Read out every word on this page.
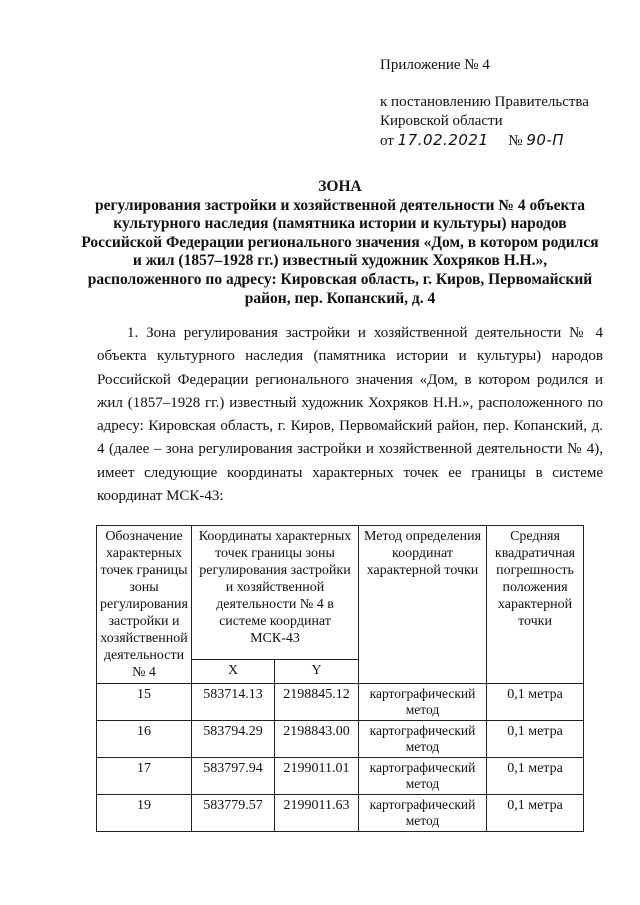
Приложение № 4
к постановлению Правительства
Кировской области
от 17.02.2021 № 90-П
ЗОНА
регулирования застройки и хозяйственной деятельности № 4 объекта культурного наследия (памятника истории и культуры) народов Российской Федерации регионального значения «Дом, в котором родился и жил (1857–1928 гг.) известный художник Хохряков Н.Н.», расположенного по адресу: Кировская область, г. Киров, Первомайский район, пер. Копанский, д. 4
1. Зона регулирования застройки и хозяйственной деятельности № 4 объекта культурного наследия (памятника истории и культуры) народов Российской Федерации регионального значения «Дом, в котором родился и жил (1857–1928 гг.) известный художник Хохряков Н.Н.», расположенного по адресу: Кировская область, г. Киров, Первомайский район, пер. Копанский, д. 4 (далее – зона регулирования застройки и хозяйственной деятельности № 4), имеет следующие координаты характерных точек ее границы в системе координат МСК-43:
Обозначение характерных точек границы зоны регулирования застройки и хозяйственной деятельности № 4	Координаты характерных точек границы зоны регулирования застройки и хозяйственной деятельности № 4 в системе координат МСК-43		Метод определения координат характерной точки	Средняя квадратичная погрешность положения характерной точки
	X	Y		
15	583714.13	2198845.12	картографический метод	0,1 метра
16	583794.29	2198843.00	картографический метод	0,1 метра
17	583797.94	2199011.01	картографический метод	0,1 метра
19	583779.57	2199011.63	картографический метод	0,1 метра
